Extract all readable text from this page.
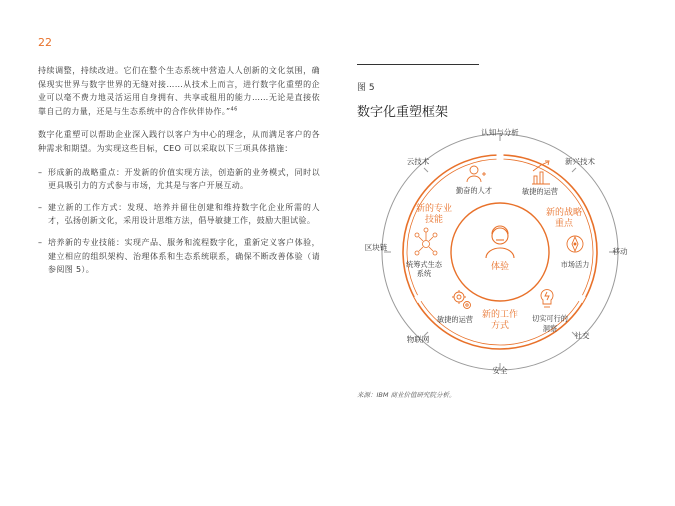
22

持续调整，持续改进。它们在整个生态系统中营造人人创新的文化氛围，确保现实世界与数字世界的无缝对接……从技术上而言，进行数字化重塑的企业可以毫不费力地灵活运用自身拥有、共享或租用的能力……无论是直接依靠自己的力量，还是与生态系统中的合作伙伴协作。”$^{46}$

数字化重塑可以帮助企业深入践行以客户为中心的理念，从而满足客户的各种需求和期望。为实现这些目标，CEO 可以采取以下三项具体措施：

– 形成新的战略重点：开发新的价值实现方法，创造新的业务模式，同时以更具吸引力的方式参与市场，尤其是与客户开展互动。
– 建立新的工作方式：发现、培养并留住创建和维持数字化企业所需的人才，弘扬创新文化，采用设计思维方法，倡导敏捷工作，鼓励大胆试验。
– 培养新的专业技能：实现产品、服务和流程数字化，重新定义客户体验，建立相应的组织架构、治理体系和生态系统联系，确保不断改善体验（请参阅图 5）。
图 5
数字化重塑框架
认知与分析
云技术	新兴技术
区块链	移动
物联网	社交
安全
新的专业
技能
新的战略
重点
新的工作
方式
勤奋的人才	敏捷的运营
统筹式生态
系统
市场活力
敏捷的运营	切实可行的
洞察
体验
来源：IBM 商业价值研究院分析。
